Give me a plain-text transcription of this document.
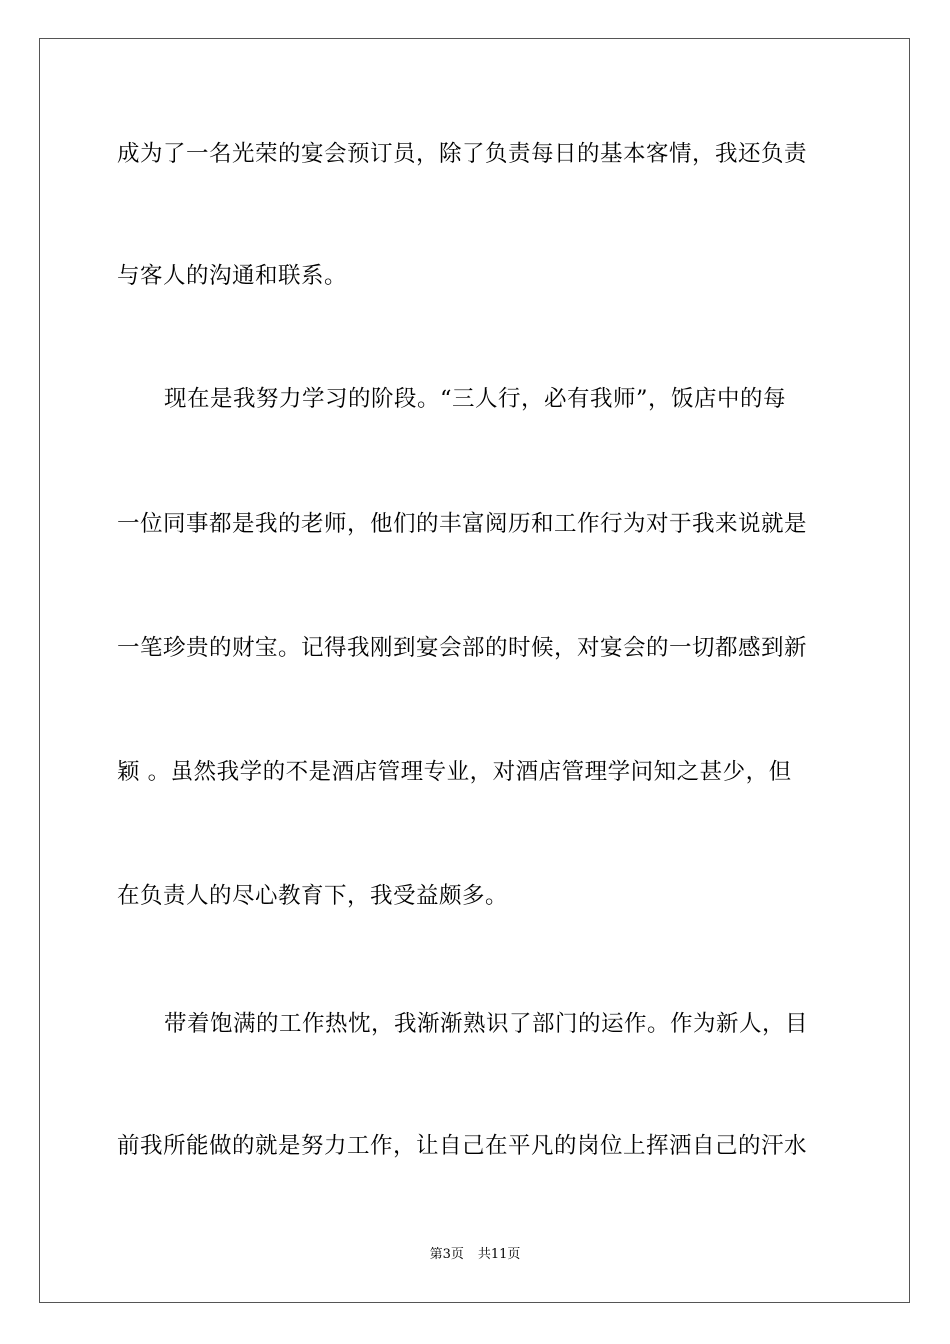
成为了一名光荣的宴会预订员，除了负责每日的基本客情，我还负责
与客人的沟通和联系。
现在是我努力学习的阶段。“三人行，必有我师”，饭店中的每
一位同事都是我的老师，他们的丰富阅历和工作行为对于我来说就是
一笔珍贵的财宝。记得我刚到宴会部的时候，对宴会的一切都感到新
颖 。虽然我学的不是酒店管理专业，对酒店管理学问知之甚少，但
在负责人的尽心教育下，我受益颇多。
带着饱满的工作热忱，我渐渐熟识了部门的运作。作为新人，目
前我所能做的就是努力工作，让自己在平凡的岗位上挥洒自己的汗水
第3页 共11页
